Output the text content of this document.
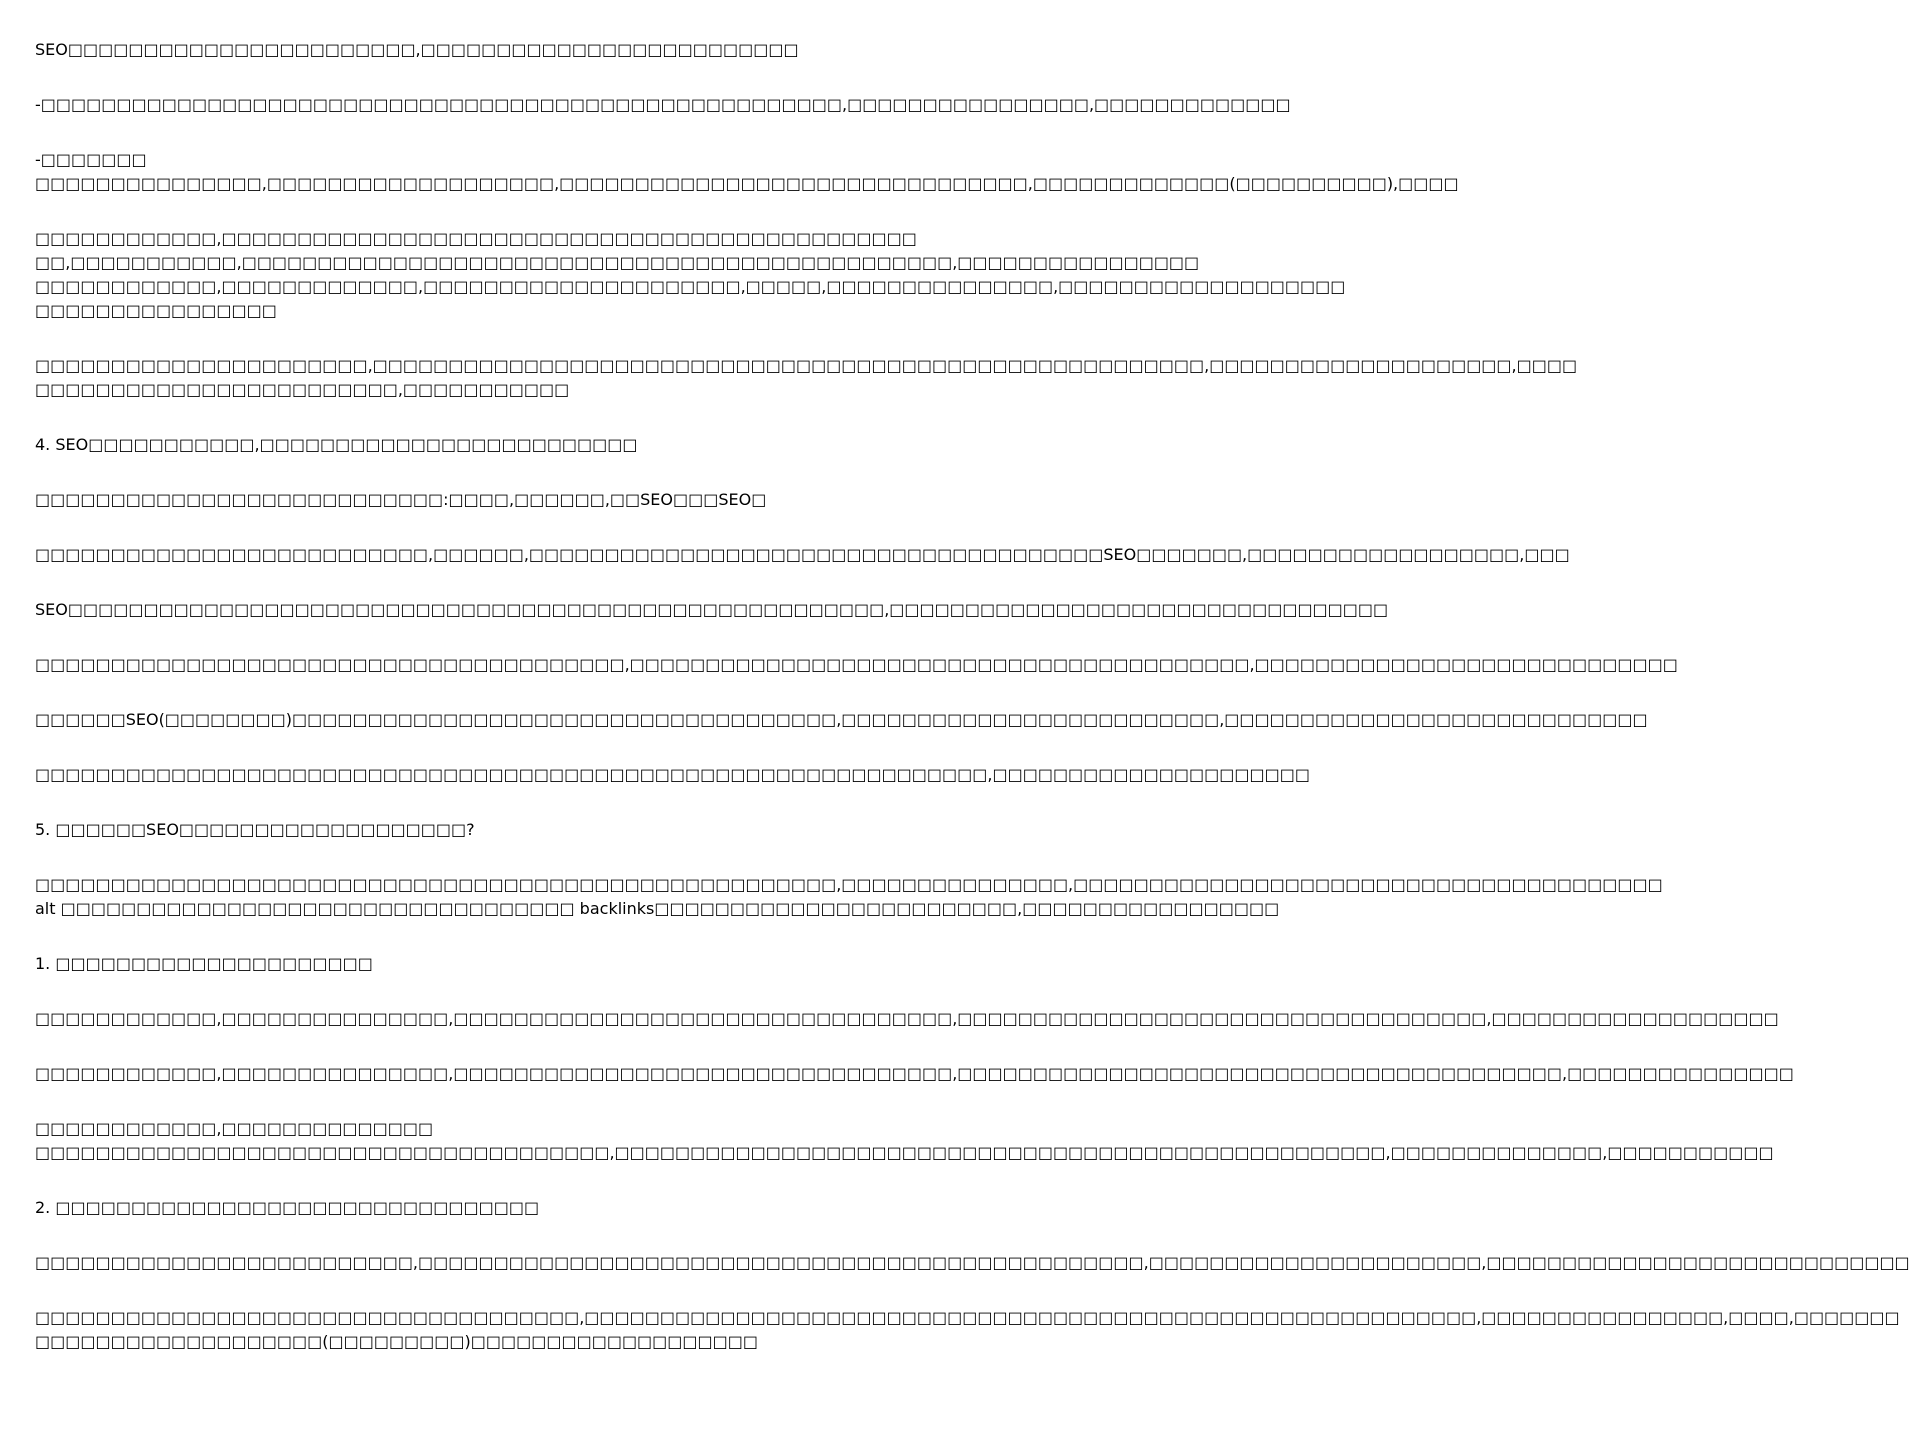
SEO□□□□□□□□□□□□□□□□□□□□□□□,□□□□□□□□□□□□□□□□□□□□□□□□□
-□□□□□□□□□□□□□□□□□□□□□□□□□□□□□□□□□□□□□□□□□□□□□□□□□□□□□,□□□□□□□□□□□□□□□□,□□□□□□□□□□□□□
-□□□□□□□
□□□□□□□□□□□□□□□,□□□□□□□□□□□□□□□□□□□,□□□□□□□□□□□□□□□□□□□□□□□□□□□□□□□,□□□□□□□□□□□□□(□□□□□□□□□□),□□□□
□□□□□□□□□□□□,□□□□□□□□□□□□□□□□□□□□□□□□□□□□□□□□□□□□□□□□□□□□□□
□□,□□□□□□□□□□□,□□□□□□□□□□□□□□□□□□□□□□□□□□□□□□□□□□□□□□□□□□□□□□□,□□□□□□□□□□□□□□□□
□□□□□□□□□□□□,□□□□□□□□□□□□□,□□□□□□□□□□□□□□□□□□□□□,□□□□□,□□□□□□□□□□□□□□□,□□□□□□□□□□□□□□□□□□□
□□□□□□□□□□□□□□□□
□□□□□□□□□□□□□□□□□□□□□□,□□□□□□□□□□□□□□□□□□□□□□□□□□□□□□□□□□□□□□□□□□□□□□□□□□□□□□□,□□□□□□□□□□□□□□□□□□□□,□□□□
□□□□□□□□□□□□□□□□□□□□□□□□,□□□□□□□□□□□
4. SEO□□□□□□□□□□□,□□□□□□□□□□□□□□□□□□□□□□□□□
□□□□□□□□□□□□□□□□□□□□□□□□□□□:□□□□,□□□□□□,□□SEO□□□SEO□
□□□□□□□□□□□□□□□□□□□□□□□□□□,□□□□□□,□□□□□□□□□□□□□□□□□□□□□□□□□□□□□□□□□□□□□□SEO□□□□□□□,□□□□□□□□□□□□□□□□□□,□□□
SEO□□□□□□□□□□□□□□□□□□□□□□□□□□□□□□□□□□□□□□□□□□□□□□□□□□□□□□,□□□□□□□□□□□□□□□□□□□□□□□□□□□□□□□□□
□□□□□□□□□□□□□□□□□□□□□□□□□□□□□□□□□□□□□□□,□□□□□□□□□□□□□□□□□□□□□□□□□□□□□□□□□□□□□□□□□,□□□□□□□□□□□□□□□□□□□□□□□□□□□□
□□□□□□SEO(□□□□□□□□)□□□□□□□□□□□□□□□□□□□□□□□□□□□□□□□□□□□□,□□□□□□□□□□□□□□□□□□□□□□□□□,□□□□□□□□□□□□□□□□□□□□□□□□□□□□
□□□□□□□□□□□□□□□□□□□□□□□□□□□□□□□□□□□□□□□□□□□□□□□□□□□□□□□□□□□□□□□,□□□□□□□□□□□□□□□□□□□□□
5. □□□□□□SEO□□□□□□□□□□□□□□□□□□□?
□□□□□□□□□□□□□□□□□□□□□□□□□□□□□□□□□□□□□□□□□□□□□□□□□□□□□,□□□□□□□□□□□□□□□,□□□□□□□□□□□□□□□□□□□□□□□□□□□□□□□□□□□□□□□
alt □□□□□□□□□□□□□□□□□□□□□□□□□□□□□□□□□□ backlinks□□□□□□□□□□□□□□□□□□□□□□□□,□□□□□□□□□□□□□□□□□
1. □□□□□□□□□□□□□□□□□□□□□
□□□□□□□□□□□□,□□□□□□□□□□□□□□□,□□□□□□□□□□□□□□□□□□□□□□□□□□□□□□□□□,□□□□□□□□□□□□□□□□□□□□□□□□□□□□□□□□□□□,□□□□□□□□□□□□□□□□□□□
□□□□□□□□□□□□,□□□□□□□□□□□□□□□,□□□□□□□□□□□□□□□□□□□□□□□□□□□□□□□□□,□□□□□□□□□□□□□□□□□□□□□□□□□□□□□□□□□□□□□□□□,□□□□□□□□□□□□□□□
□□□□□□□□□□□□,□□□□□□□□□□□□□□
□□□□□□□□□□□□□□□□□□□□□□□□□□□□□□□□□□□□□□,□□□□□□□□□□□□□□□□□□□□□□□□□□□□□□□□□□□□□□□□□□□□□□□□□□□,□□□□□□□□□□□□□□,□□□□□□□□□□□
2. □□□□□□□□□□□□□□□□□□□□□□□□□□□□□□□□
□□□□□□□□□□□□□□□□□□□□□□□□□,□□□□□□□□□□□□□□□□□□□□□□□□□□□□□□□□□□□□□□□□□□□□□□□□,□□□□□□□□□□□□□□□□□□□□□□,□□□□□□□□□□□□□□□□□□□□□□□□□□□□
□□□□□□□□□□□□□□□□□□□□□□□□□□□□□□□□□□□□,□□□□□□□□□□□□□□□□□□□□□□□□□□□□□□□□□□□□□□□□□□□□□□□□□□□□□□□□□□□,□□□□□□□□□□□□□□□□,□□□□,□□□□□□□
□□□□□□□□□□□□□□□□□□□(□□□□□□□□□)□□□□□□□□□□□□□□□□□□□
